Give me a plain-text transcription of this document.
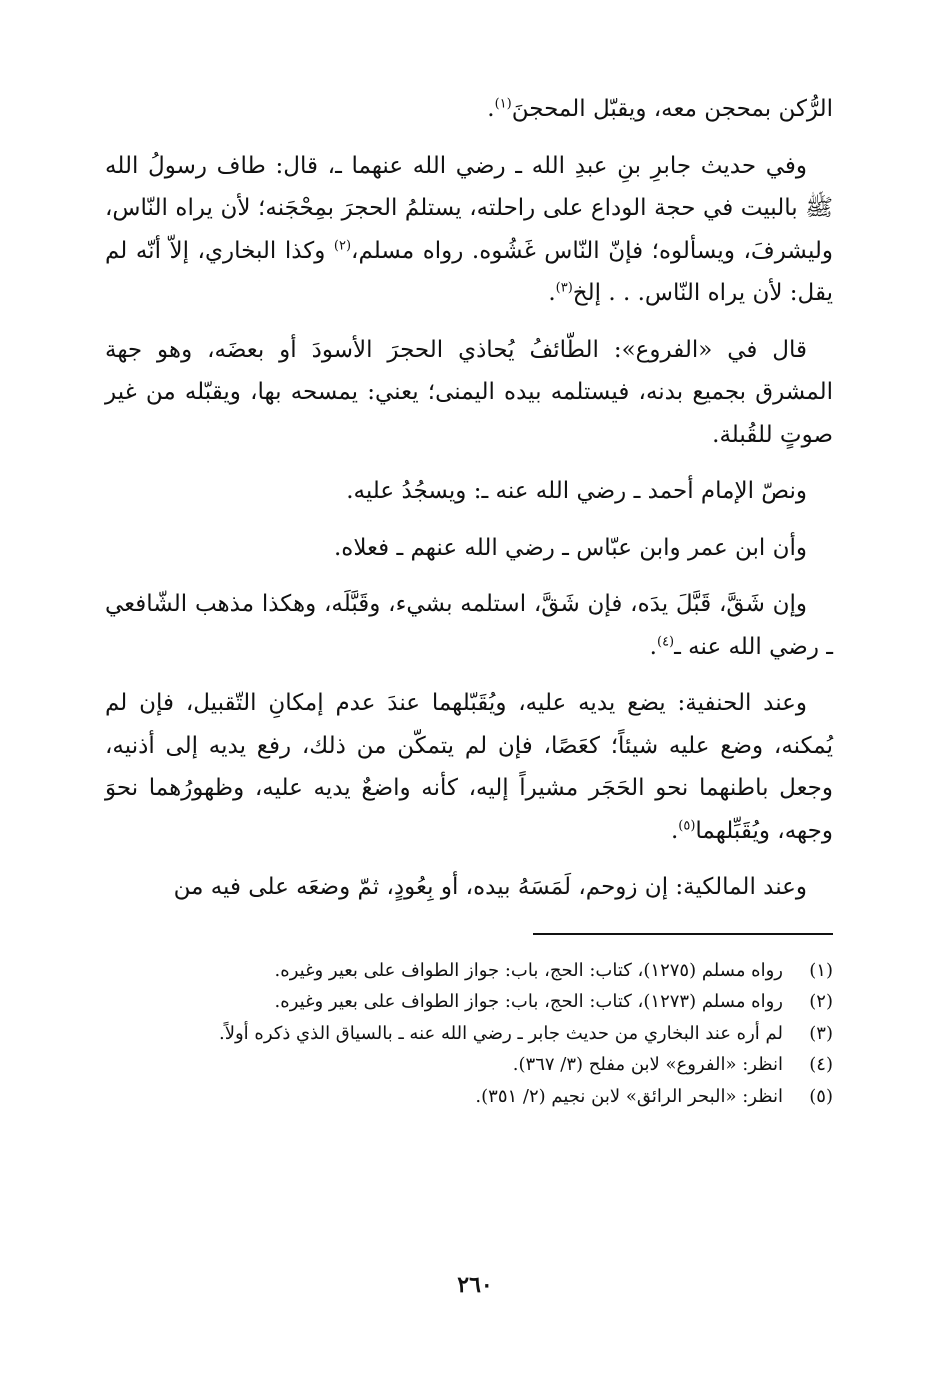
الرُّكن بمحجن معه، ويقبّل المحجنَ$^{(١)}$.

وفي حديث جابرِ بنِ عبدِ الله ـ رضي الله عنهما ـ، قال: طاف رسولُ الله ﷺ بالبيت في حجة الوداع على راحلته، يستلمُ الحجرَ بمِحْجَنه؛ لأن يراه النّاس، وليشرفَ، ويسألوه؛ فإنّ النّاس غَشُوه. رواه مسلم،$^{(٢)}$ وكذا البخاري، إلاّ أنّه لم يقل: لأن يراه النّاس. . . إلخ$^{(٣)}$.

قال في «الفروع»: الطّائفُ يُحاذي الحجرَ الأسودَ أو بعضَه، وهو جهة المشرق بجميع بدنه، فيستلمه بيده اليمنى؛ يعني: يمسحه بها، ويقبّله من غير صوتٍ للقُبلة.

ونصّ الإمام أحمد ـ رضي الله عنه ـ: ويسجُدُ عليه.

وأن ابن عمر وابن عبّاس ـ رضي الله عنهم ـ فعلاه.

وإن شَقَّ، قَبَّلَ يدَه، فإن شَقَّ، استلمه بشيء، وقَبَّلَه، وهكذا مذهب الشّافعي ـ رضي الله عنه ـ$^{(٤)}$.

وعند الحنفية: يضع يديه عليه، ويُقَبّلهما عندَ عدم إمكانِ التّقبيل، فإن لم يُمكنه، وضع عليه شيئاً؛ كعَصًا، فإن لم يتمكّن من ذلك، رفع يديه إلى أذنيه، وجعل باطنهما نحو الحَجَر مشيراً إليه، كأنه واضعٌ يديه عليه، وظهورُهما نحوَ وجهه، ويُقَبِّلهما$^{(٥)}$.

وعند المالكية: إن زوحم، لَمَسَهُ بيده، أو بِعُودٍ، ثمّ وضعَه على فيه من

(١)
رواه مسلم (١٢٧٥)، كتاب: الحج، باب: جواز الطواف على بعير وغيره.
(٢)
رواه مسلم (١٢٧٣)، كتاب: الحج، باب: جواز الطواف على بعير وغيره.
(٣)
لم أره عند البخاري من حديث جابر ـ رضي الله عنه ـ بالسياق الذي ذكره أولاً.
(٤)
انظر: «الفروع» لابن مفلح (٣/ ٣٦٧).
(٥)
انظر: «البحر الرائق» لابن نجيم (٢/ ٣٥١).
٢٦٠
